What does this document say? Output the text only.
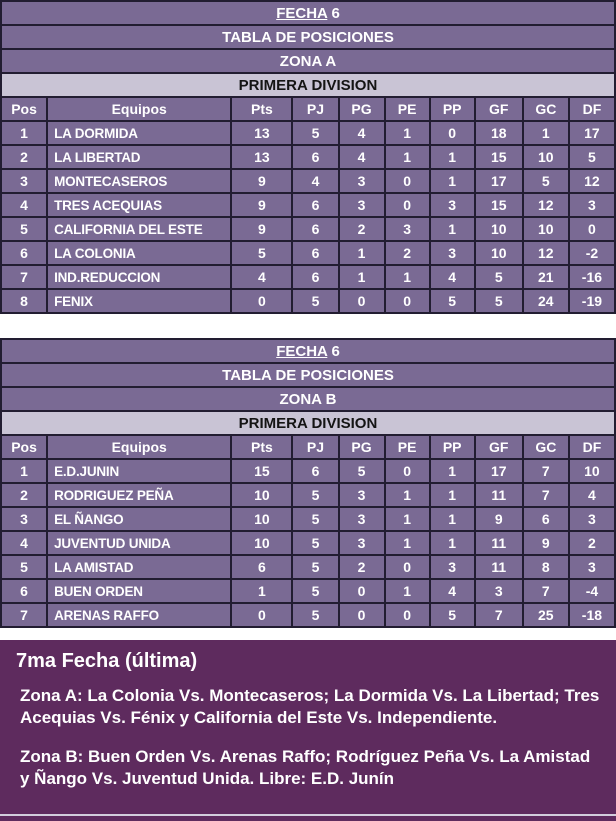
FECHA 6									
TABLA DE POSICIONES									
ZONA A									
PRIMERA DIVISION									
Pos	Equipos	Pts	PJ	PG	PE	PP	GF	GC	DF
1	LA DORMIDA	13	5	4	1	0	18	1	17
2	LA LIBERTAD	13	6	4	1	1	15	10	5
3	MONTECASEROS	9	4	3	0	1	17	5	12
4	TRES ACEQUIAS	9	6	3	0	3	15	12	3
5	CALIFORNIA DEL ESTE	9	6	2	3	1	10	10	0
6	LA COLONIA	5	6	1	2	3	10	12	-2
7	IND.REDUCCION	4	6	1	1	4	5	21	-16
8	FENIX	0	5	0	0	5	5	24	-19
FECHA 6									
TABLA DE POSICIONES									
ZONA B									
PRIMERA DIVISION									
Pos	Equipos	Pts	PJ	PG	PE	PP	GF	GC	DF
1	E.D.JUNIN	15	6	5	0	1	17	7	10
2	RODRIGUEZ PEÑA	10	5	3	1	1	11	7	4
3	EL ÑANGO	10	5	3	1	1	9	6	3
4	JUVENTUD UNIDA	10	5	3	1	1	11	9	2
5	LA AMISTAD	6	5	2	0	3	11	8	3
6	BUEN ORDEN	1	5	0	1	4	3	7	-4
7	ARENAS RAFFO	0	5	0	0	5	7	25	-18
7ma Fecha (última)

Zona A: La Colonia Vs. Montecaseros; La Dormida Vs. La Libertad; Tres Acequias Vs. Fénix y California del Este Vs. Independiente.

Zona B: Buen Orden Vs. Arenas Raffo; Rodríguez Peña Vs. La Amistad y Ñango Vs. Juventud Unida. Libre: E.D. Junín
